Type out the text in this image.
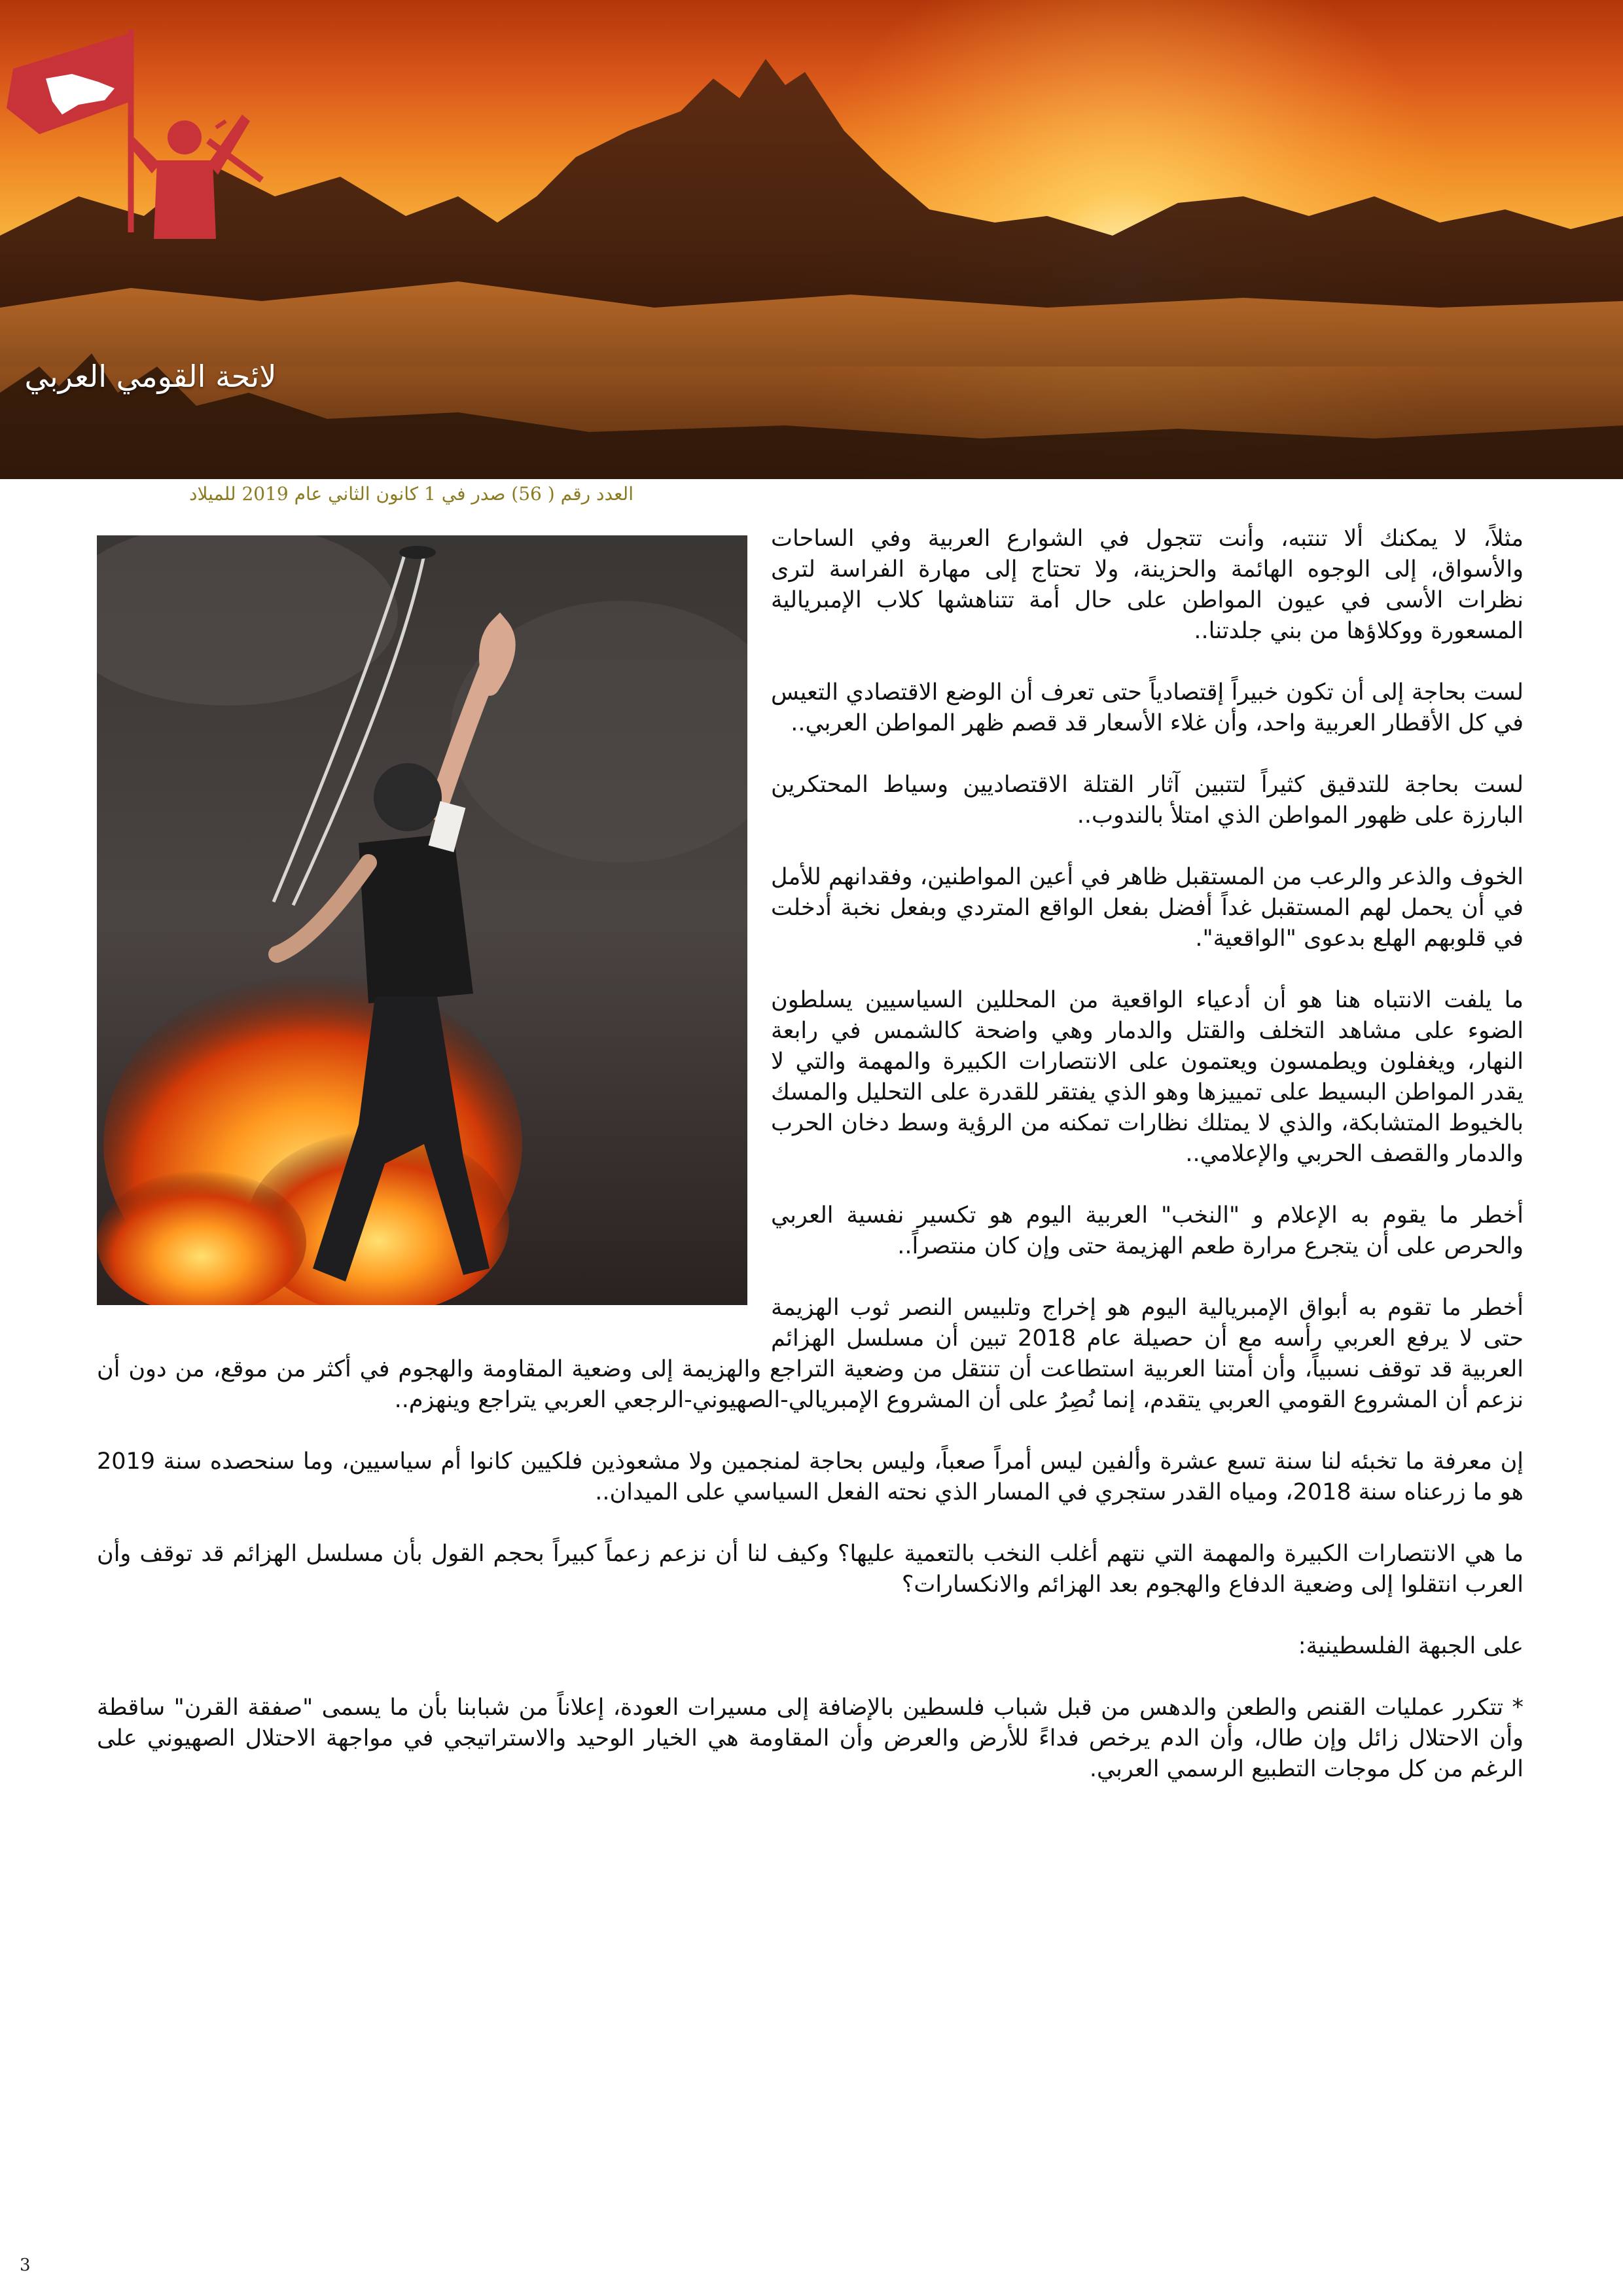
لائحة القومي العربي
العدد رقم ( 56) صدر في 1 كانون الثاني عام 2019 للميلاد

مثلاً، لا يمكنك ألا تنتبه، وأنت تتجول في الشوارع العربية وفي الساحات والأسواق، إلى الوجوه الهائمة والحزينة، ولا تحتاج إلى مهارة الفراسة لترى نظرات الأسى في عيون المواطن على حال أمة تتناهشها كلاب الإمبريالية المسعورة ووكلاؤها من بني جلدتنا..

لست بحاجة إلى أن تكون خبيراً إقتصادياً حتى تعرف أن الوضع الاقتصادي التعيس في كل الأقطار العربية واحد، وأن غلاء الأسعار قد قصم ظهر المواطن العربي..

لست بحاجة للتدقيق كثيراً لتتبين آثار القتلة الاقتصاديين وسياط المحتكرين البارزة على ظهور المواطن الذي امتلأ بالندوب..

الخوف والذعر والرعب من المستقبل ظاهر في أعين المواطنين، وفقدانهم للأمل في أن يحمل لهم المستقبل غداً أفضل بفعل الواقع المتردي وبفعل نخبة أدخلت في قلوبهم الهلع بدعوى "الواقعية".

ما يلفت الانتباه هنا هو أن أدعياء الواقعية من المحللين السياسيين يسلطون الضوء على مشاهد التخلف والقتل والدمار وهي واضحة كالشمس في رابعة النهار، ويغفلون ويطمسون ويعتمون على الانتصارات الكبيرة والمهمة والتي لا يقدر المواطن البسيط على تمييزها وهو الذي يفتقر للقدرة على التحليل والمسك بالخيوط المتشابكة، والذي لا يمتلك نظارات تمكنه من الرؤية وسط دخان الحرب والدمار والقصف الحربي والإعلامي..

أخطر ما يقوم به الإعلام و "النخب" العربية اليوم هو تكسير نفسية العربي والحرص على أن يتجرع مرارة طعم الهزيمة حتى وإن كان منتصراً..

أخطر ما تقوم به أبواق الإمبريالية اليوم هو إخراج وتلبيس النصر ثوب الهزيمة حتى لا يرفع العربي رأسه مع أن حصيلة عام 2018 تبين أن مسلسل الهزائم العربية قد توقف نسبياً، وأن أمتنا العربية استطاعت أن تنتقل من وضعية التراجع والهزيمة إلى وضعية المقاومة والهجوم في أكثر من موقع، من دون أن نزعم أن المشروع القومي العربي يتقدم، إنما نُصِرُ على أن المشروع الإمبريالي-الصهيوني-الرجعي العربي يتراجع وينهزم..

إن معرفة ما تخبئه لنا سنة تسع عشرة وألفين ليس أمراً صعباً، وليس بحاجة لمنجمين ولا مشعوذين فلكيين كانوا أم سياسيين، وما سنحصده سنة 2019 هو ما زرعناه سنة 2018، ومياه القدر ستجري في المسار الذي نحته الفعل السياسي على الميدان..

ما هي الانتصارات الكبيرة والمهمة التي نتهم أغلب النخب بالتعمية عليها؟ وكيف لنا أن نزعم زعماً كبيراً بحجم القول بأن مسلسل الهزائم قد توقف وأن العرب انتقلوا إلى وضعية الدفاع والهجوم بعد الهزائم والانكسارات؟

على الجبهة الفلسطينية:

* تتكرر عمليات القنص والطعن والدهس من قبل شباب فلسطين بالإضافة إلى مسيرات العودة، إعلاناً من شبابنا بأن ما يسمى "صفقة القرن" ساقطة وأن الاحتلال زائل وإن طال، وأن الدم يرخص فداءً للأرض والعرض وأن المقاومة هي الخيار الوحيد والاستراتيجي في مواجهة الاحتلال الصهيوني على الرغم من كل موجات التطبيع الرسمي العربي.

3
